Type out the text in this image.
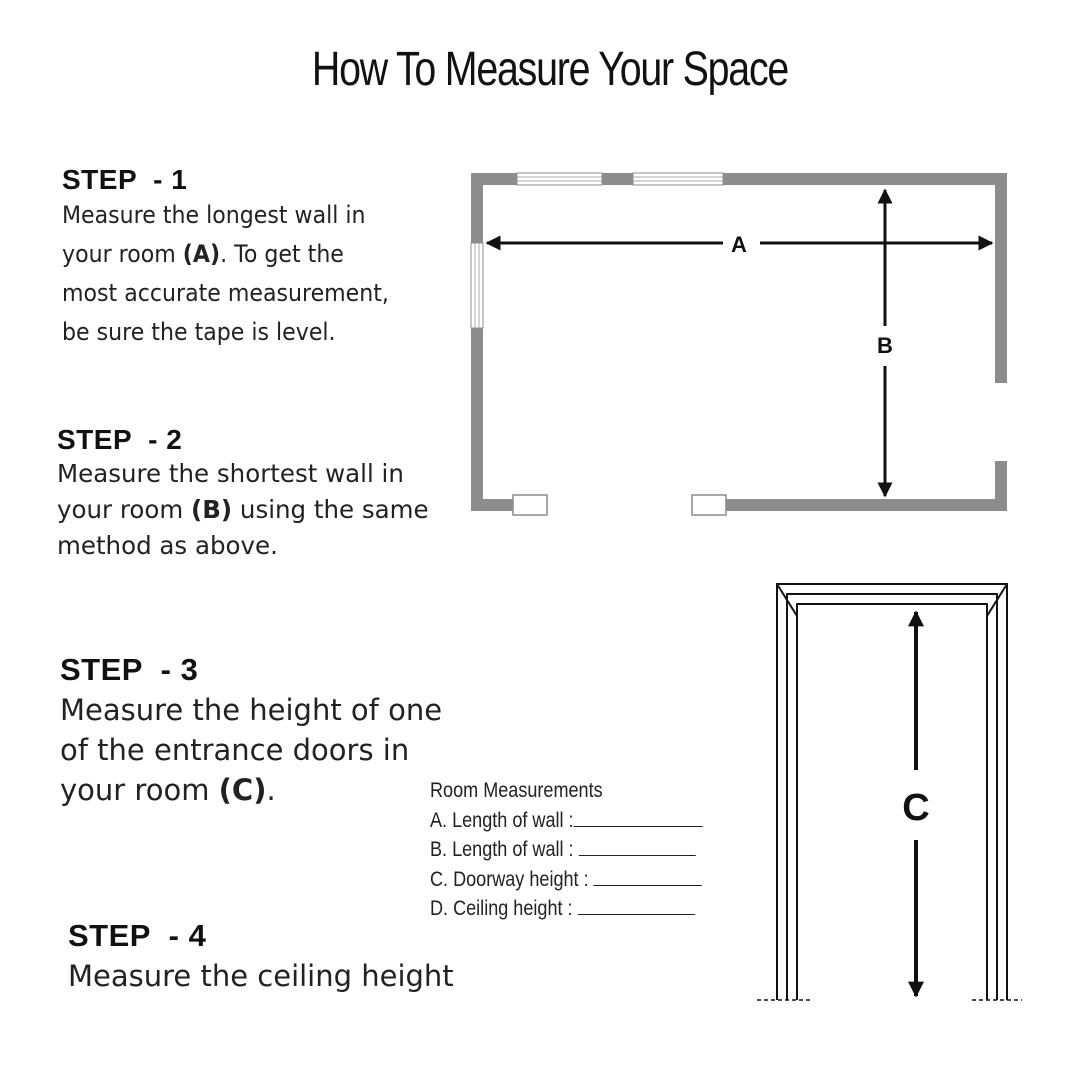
How To Measure Your Space
STEP  - 1
Measure the longest wall in
your room (A). To get the
most accurate measurement,
be sure the tape is level.
STEP  - 2
Measure the shortest wall in
your room (B) using the same
method as above.
STEP  - 3
Measure the height of one
of the entrance doors in
your room (C).
STEP  - 4
Measure the ceiling height
Room Measurements
A. Length of wall :
B. Length of wall :
C. Doorway height :
D. Ceiling height :
A
B
C
